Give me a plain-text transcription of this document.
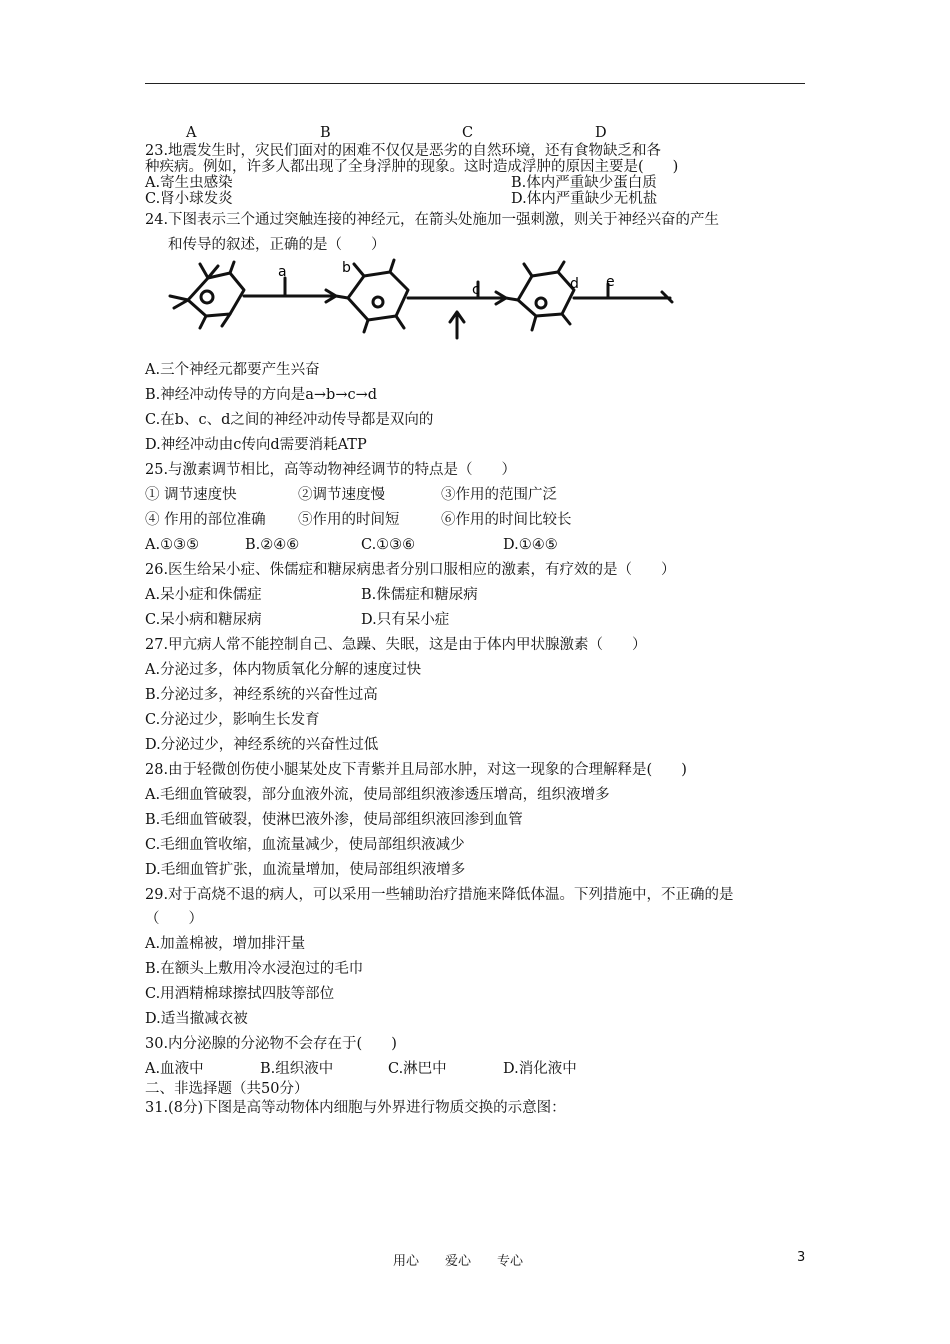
A	B	C	D
23.地震发生时，灾民们面对的困难不仅仅是恶劣的自然环境，还有食物缺乏和各
种疾病。例如，许多人都出现了全身浮肿的现象。这时造成浮肿的原因主要是(　　)
A.寄生虫感染	B.体内严重缺少蛋白质
C.肾小球发炎	D.体内严重缺少无机盐
24.下图表示三个通过突触连接的神经元，在箭头处施加一强刺激，则关于神经兴奋的产生
和传导的叙述，正确的是（　　）
a	b
c	d e
A.三个神经元都要产生兴奋
B.神经冲动传导的方向是a→b→c→d
C.在b、c、d之间的神经冲动传导都是双向的
D.神经冲动由c传向d需要消耗ATP
25.与激素调节相比，高等动物神经调节的特点是（　　）
① 调节速度快	②调节速度慢	③作用的范围广泛
④ 作用的部位准确 ⑤作用的时间短	⑥作用的时间比较长
A.①③⑤	B.②④⑥	C.①③⑥	D.①④⑤
26.医生给呆小症、侏儒症和糖尿病患者分别口服相应的激素，有疗效的是（　　）
A.呆小症和侏儒症	B.侏儒症和糖尿病
C.呆小病和糖尿病	D.只有呆小症
27.甲亢病人常不能控制自己、急躁、失眠，这是由于体内甲状腺激素（　　）
A.分泌过多，体内物质氧化分解的速度过快
B.分泌过多，神经系统的兴奋性过高
C.分泌过少，影响生长发育
D.分泌过少，神经系统的兴奋性过低
28.由于轻微创伤使小腿某处皮下青紫并且局部水肿，对这一现象的合理解释是(　　)
A.毛细血管破裂，部分血液外流，使局部组织液渗透压增高，组织液增多
B.毛细血管破裂，使淋巴液外渗，使局部组织液回渗到血管
C.毛细血管收缩，血流量减少，使局部组织液减少
D.毛细血管扩张，血流量增加，使局部组织液增多
29.对于高烧不退的病人，可以采用一些辅助治疗措施来降低体温。下列措施中，不正确的是
（　　）
A.加盖棉被，增加排汗量
B.在额头上敷用冷水浸泡过的毛巾
C.用酒精棉球擦拭四肢等部位
D.适当撤减衣被
30.内分泌腺的分泌物不会存在于(　　)
A.血液中	B.组织液中	C.淋巴中	D.消化液中
二、非选择题（共50分）
31.(8分)下图是高等动物体内细胞与外界进行物质交换的示意图：
用心　　爱心　　专心	3
